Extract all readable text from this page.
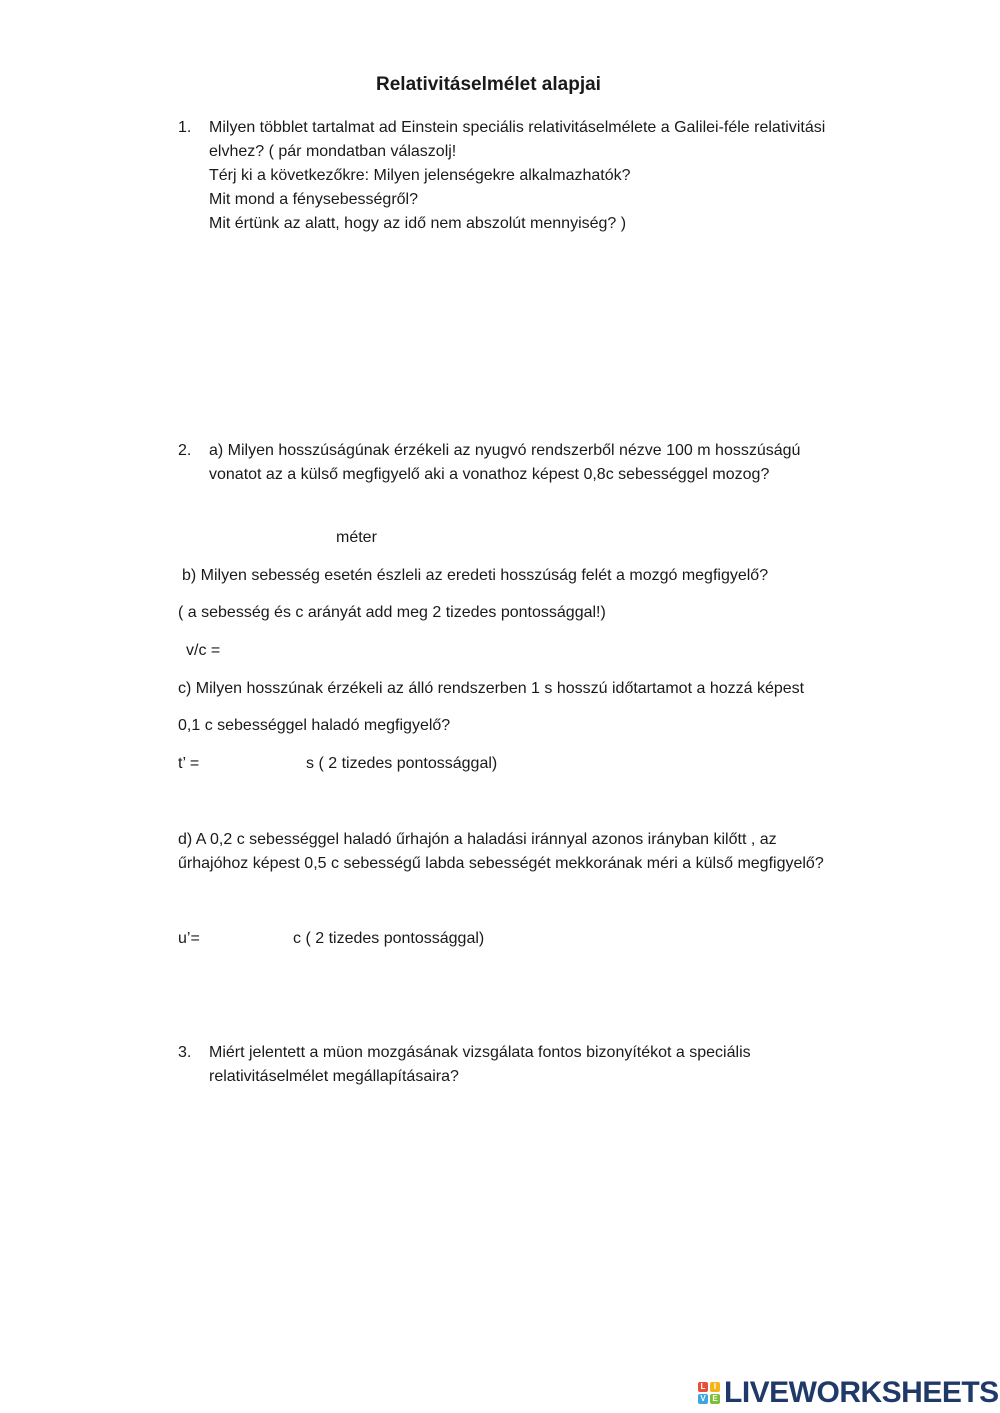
Relativitáselmélet alapjai
1.	Milyen többlet tartalmat ad Einstein speciális relativitáselmélete a Galilei-féle relativitási
elvhez? ( pár mondatban válaszolj!
Térj ki a következőkre: Milyen jelenségekre alkalmazhatók?
Mit mond a fénysebességről?
Mit értünk az alatt, hogy az idő nem abszolút mennyiség? )
2.	a) Milyen hosszúságúnak érzékeli az nyugvó rendszerből nézve 100 m hosszúságú
vonatot az a külső megfigyelő aki a vonathoz képest 0,8c sebességgel mozog?
méter
b) Milyen sebesség esetén észleli az eredeti hosszúság felét a mozgó megfigyelő?
( a sebesség és c arányát add meg 2 tizedes pontossággal!)
v/c =
c) Milyen hosszúnak érzékeli az álló rendszerben 1 s hosszú időtartamot a hozzá képest
0,1 c sebességgel haladó megfigyelő?
t’ =	s ( 2 tizedes pontossággal)
d) A 0,2 c sebességgel haladó űrhajón a haladási iránnyal azonos irányban kilőtt , az
űrhajóhoz képest 0,5 c sebességű labda sebességét mekkorának méri a külső megfigyelő?
u’=	c ( 2 tizedes pontossággal)
3.	Miért jelentett a müon mozgásának vizsgálata fontos bizonyítékot a speciális
relativitáselmélet megállapításaira?
L	I
V E LIVEWORKSHEETS
